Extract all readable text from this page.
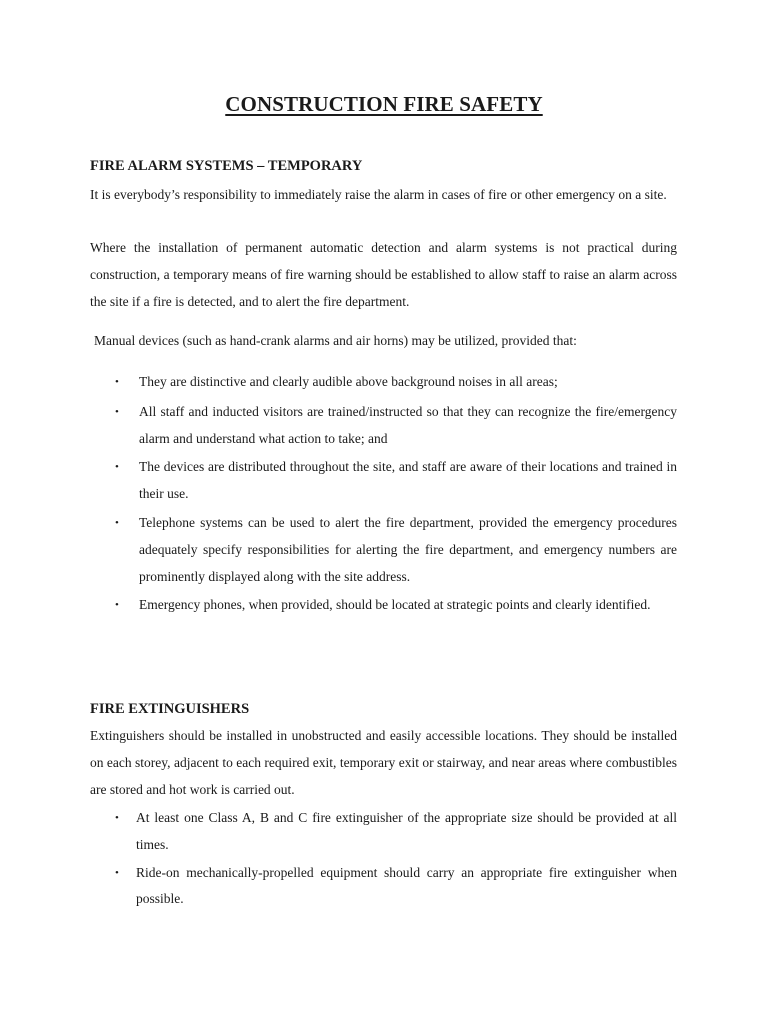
CONSTRUCTION FIRE SAFETY
FIRE ALARM SYSTEMS – TEMPORARY

It is everybody’s responsibility to immediately raise the alarm in cases of fire or other emergency on a site.

Where the installation of permanent automatic detection and alarm systems is not practical during construction, a temporary means of fire warning should be established to allow staff to raise an alarm across the site if a fire is detected, and to alert the fire department.

Manual devices (such as hand-crank alarms and air horns) may be utilized, provided that:

• They are distinctive and clearly audible above background noises in all areas;
• All staff and inducted visitors are trained/instructed so that they can recognize the fire/emergency alarm and understand what action to take; and
• The devices are distributed throughout the site, and staff are aware of their locations and trained in their use.
• Telephone systems can be used to alert the fire department, provided the emergency procedures adequately specify responsibilities for alerting the fire department, and emergency numbers are prominently displayed along with the site address.
• Emergency phones, when provided, should be located at strategic points and clearly identified.
FIRE EXTINGUISHERS

Extinguishers should be installed in unobstructed and easily accessible locations. They should be installed on each storey, adjacent to each required exit, temporary exit or stairway, and near areas where combustibles are stored and hot work is carried out.

• At least one Class A, B and C fire extinguisher of the appropriate size should be provided at all times.
• Ride-on mechanically-propelled equipment should carry an appropriate fire extinguisher when possible.
